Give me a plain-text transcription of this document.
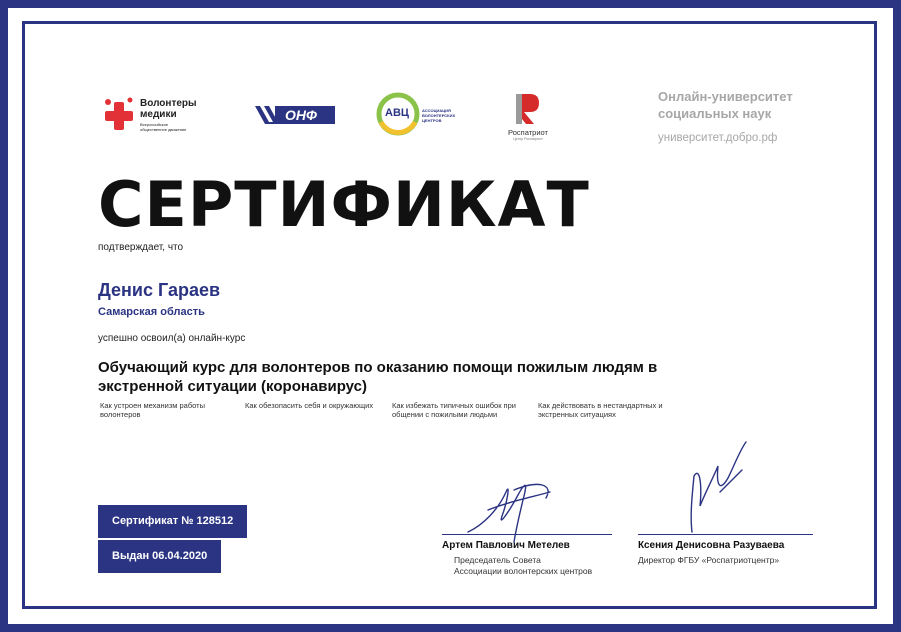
Волонтеры
медики
Всероссийское
общественное движение
ОНФ	АВЦ	АССОЦИАЦИЯ
ВОЛОНТЕРСКИХ
ЦЕНТРОВ
Роспатриот
Центр Роспатриот
Онлайн-университет
социальных наук
университет.добро.рф
СЕРТИФИКАТ
подтверждает, что
Денис Гараев
Самарская область
успешно освоил(а) онлайн-курс
Обучающий курс для волонтеров по оказанию помощи пожилым людям в экстренной ситуации (коронавирус)
Как устроен механизм работы волонтеров
Как обезопасить себя и окружающих	Как избежать типичных ошибок при общении с пожилыми людьми
Как действовать в нестандартных и экстренных ситуациях
Сертификат № 128512
Выдан 06.04.2020
Артем Павлович Метелев
Председатель Совета
Ассоциации волонтерских центров
Ксения Денисовна Разуваева
Директор ФГБУ «Роспатриотцентр»
